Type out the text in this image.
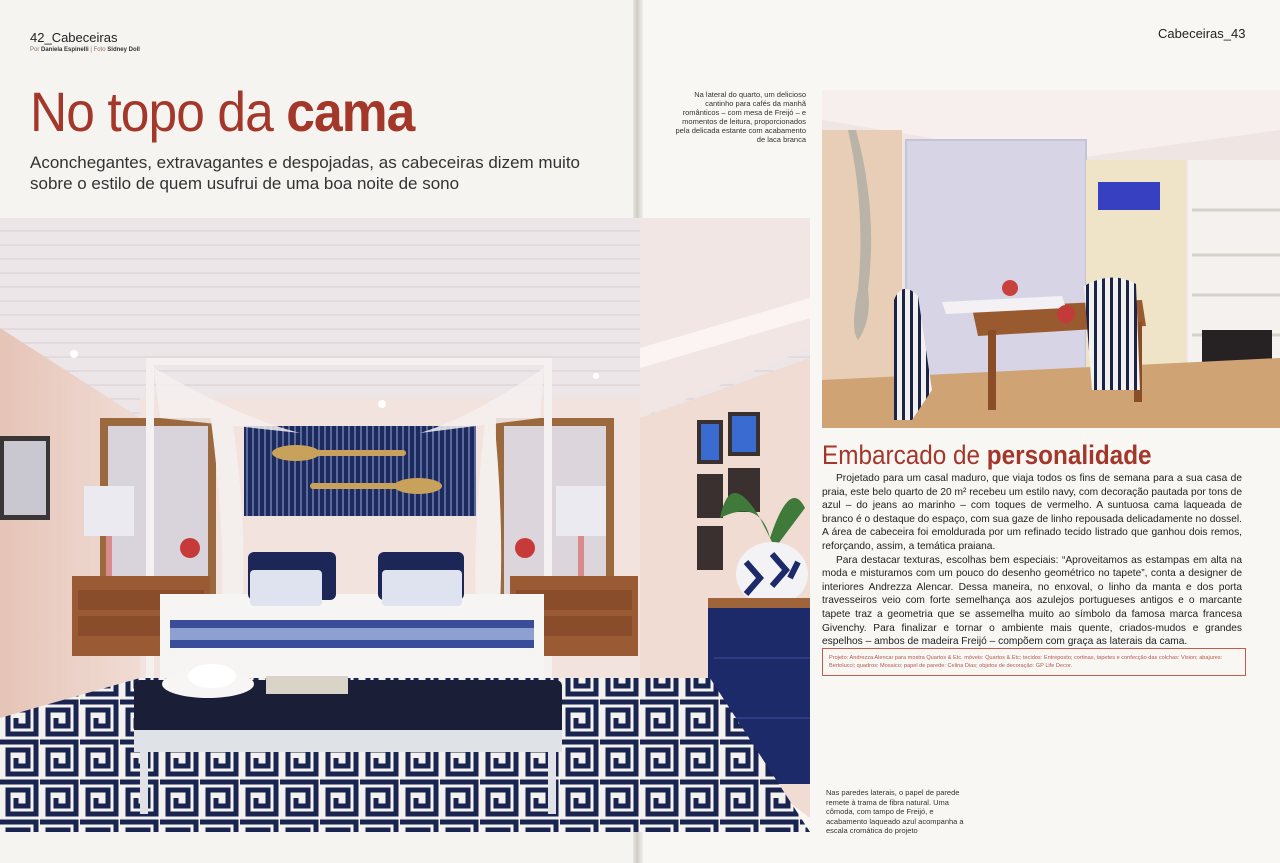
42_Cabeceiras
Por Daniela Espinelli | Foto Sidney Doll
No topo da cama

Aconchegantes, extravagantes e despojadas, as cabeceiras dizem muito sobre o estilo de quem usufrui de uma boa noite de sono

Cabeceiras_43
Na lateral do quarto, um delicioso cantinho para cafés da manhã românticos – com mesa de Freijó – e momentos de leitura, proporcionados pela delicada estante com acabamento de laca branca
Embarcado de personalidade

Projetado para um casal maduro, que viaja todos os fins de semana para a sua casa de praia, este belo quarto de 20 m² recebeu um estilo navy, com decoração pautada por tons de azul – do jeans ao marinho – com toques de vermelho. A suntuosa cama laqueada de branco é o destaque do espaço, com sua gaze de linho repousada delicadamente no dossel. A área de cabeceira foi emoldurada por um refinado tecido listrado que ganhou dois remos, reforçando, assim, a temática praiana.

Para destacar texturas, escolhas bem especiais: “Aproveitamos as estampas em alta na moda e misturamos com um pouco do desenho geométrico no tapete”, conta a designer de interiores Andrezza Alencar. Dessa maneira, no enxoval, o linho da manta e dos porta travesseiros veio com forte semelhança aos azulejos portugueses antigos e o marcante tapete traz a geometria que se assemelha muito ao símbolo da famosa marca francesa Givenchy. Para finalizar e tornar o ambiente mais quente, criados-mudos e grandes espelhos – ambos de madeira Freijó – compõem com graça as laterais da cama.

Projeto: Andrezza Alencar para mostra Quartos & Etc. móveis: Quartos & Etc; tecidos: Entreposto; cortinas, tapetes e confecção das colchas: Vision; abajures: Bertolucci; quadros: Mosaico; papel de parede: Celina Dias; objetos de decoração: GP Life Decor.
Nas paredes laterais, o papel de parede remete à trama de fibra natural. Uma cômoda, com tampo de Freijó, e acabamento laqueado azul acompanha a escala cromática do projeto
